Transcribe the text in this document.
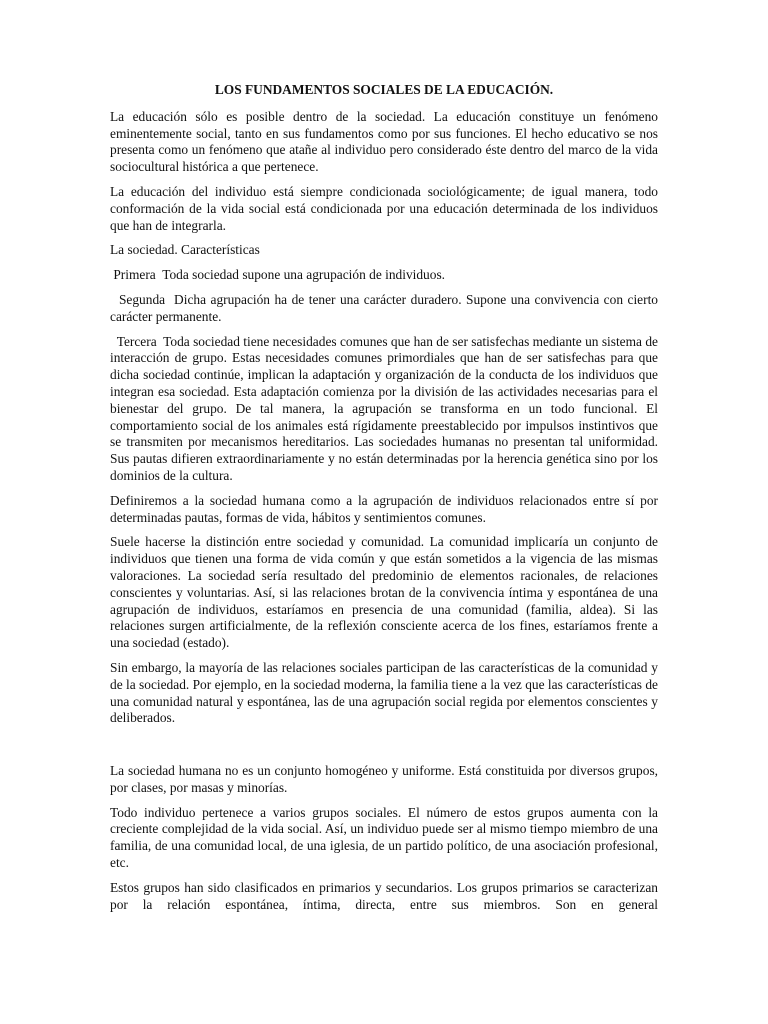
LOS FUNDAMENTOS SOCIALES DE LA EDUCACIÓN.
La educación sólo es posible dentro de la sociedad. La educación constituye un fenómeno eminentemente social, tanto en sus fundamentos como por sus funciones. El hecho educativo se nos presenta como un fenómeno que atañe al individuo pero considerado éste dentro del marco de la vida sociocultural histórica a que pertenece.
La educación del individuo está siempre condicionada sociológicamente; de igual manera, todo conformación de la vida social está condicionada por una educación determinada de los individuos que han de integrarla.
La sociedad. Características
Primera  Toda sociedad supone una agrupación de individuos.
Segunda  Dicha agrupación ha de tener una carácter duradero. Supone una convivencia con cierto carácter permanente.
Tercera  Toda sociedad tiene necesidades comunes que han de ser satisfechas mediante un sistema de interacción de grupo. Estas necesidades comunes primordiales que han de ser satisfechas para que dicha sociedad continúe, implican la adaptación y organización de la conducta de los individuos que integran esa sociedad. Esta adaptación comienza por la división de las actividades necesarias para el bienestar del grupo. De tal manera, la agrupación se transforma en un todo funcional. El comportamiento social de los animales está rígidamente preestablecido por impulsos instintivos que se transmiten por mecanismos hereditarios. Las sociedades humanas no presentan tal uniformidad. Sus pautas difieren extraordinariamente y no están determinadas por la herencia genética sino por los dominios de la cultura.
Definiremos a la sociedad humana como a la agrupación de individuos relacionados entre sí por determinadas pautas, formas de vida, hábitos y sentimientos comunes.
Suele hacerse la distinción entre sociedad y comunidad. La comunidad implicaría un conjunto de individuos que tienen una forma de vida común y que están sometidos a la vigencia de las mismas valoraciones. La sociedad sería resultado del predominio de elementos racionales, de relaciones conscientes y voluntarias. Así, si las relaciones brotan de la convivencia íntima y espontánea de una agrupación de individuos, estaríamos en presencia de una comunidad (familia, aldea). Si las relaciones surgen artificialmente, de la reflexión consciente acerca de los fines, estaríamos frente a una sociedad (estado).
Sin embargo, la mayoría de las relaciones sociales participan de las características de la comunidad y de la sociedad. Por ejemplo, en la sociedad moderna, la familia tiene a la vez que las características de una comunidad natural y espontánea, las de una agrupación social regida por elementos conscientes y deliberados.
La sociedad humana no es un conjunto homogéneo y uniforme. Está constituida por diversos grupos, por clases, por masas y minorías.
Todo individuo pertenece a varios grupos sociales. El número de estos grupos aumenta con la creciente complejidad de la vida social. Así, un individuo puede ser al mismo tiempo miembro de una familia, de una comunidad local, de una iglesia, de un partido político, de una asociación profesional, etc.
Estos grupos han sido clasificados en primarios y secundarios. Los grupos primarios se caracterizan por la relación espontánea, íntima, directa, entre sus miembros. Son en general
